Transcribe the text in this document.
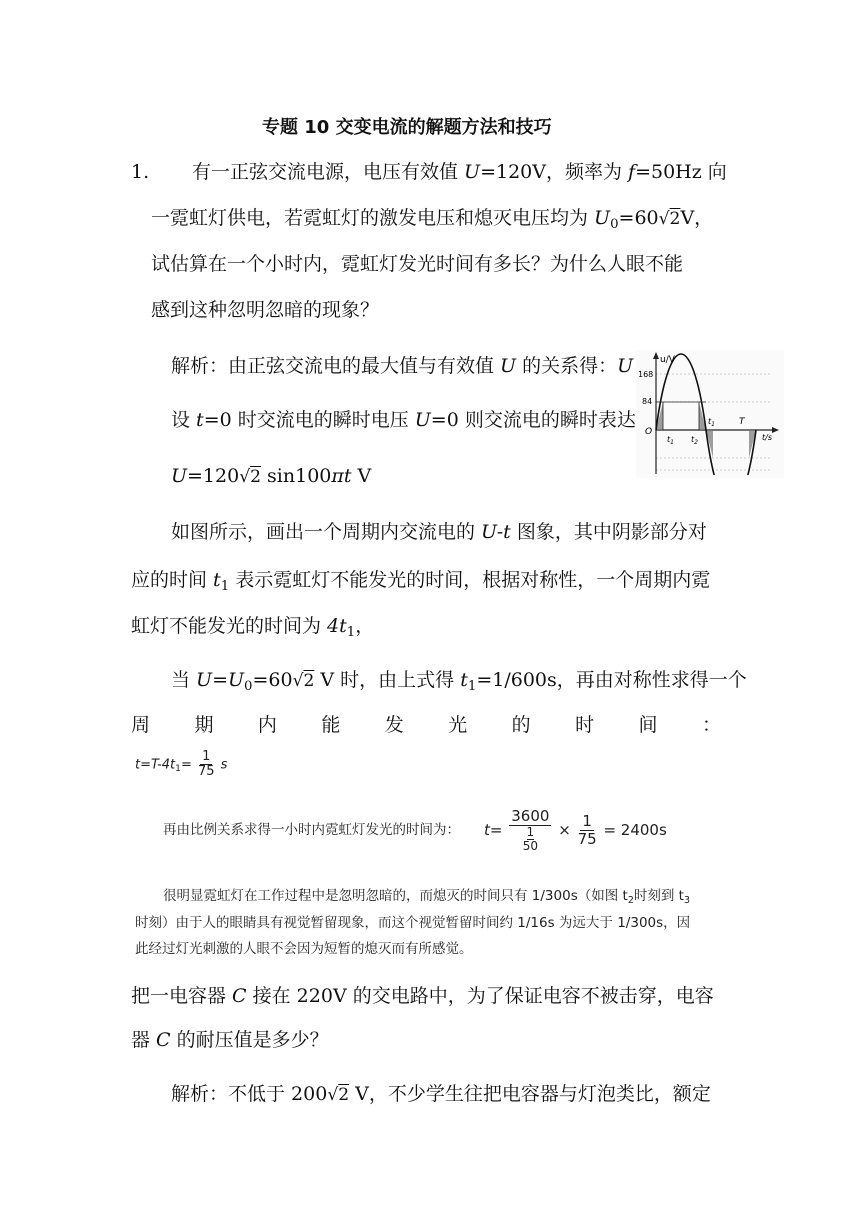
专题 10 交变电流的解题方法和技巧
1. 有一正弦交流电源，电压有效值 U=120V，频率为 f=50Hz 向
一霓虹灯供电，若霓虹灯的激发电压和熄灭电压均为 $U_0=60$ √ 2V，
试估算在一个小时内，霓虹灯发光时间有多长？为什么人眼不能
感到这种忽明忽暗的现象？
解析：由正弦交流电的最大值与有效值 U 的关系得：U
设 t=0 时交流电的瞬时电压 U=0 则交流电的瞬时表达
U=120 √ 2 sin100πt V
u/V
168
84
O
$t_1$ $t_2$
$t_1$	T
t/s
如图所示，画出一个周期内交流电的 U-t 图象，其中阴影部分对
应的时间 $t_1$ 表示霓虹灯不能发光的时间，根据对称性，一个周期内霓
虹灯不能发光的时间为 $4t_1$，
当 $U=U_0=60$ √ 2 V 时，由上式得 $t_1=1/600s$，再由对称性求得一个
周 期 内 能 发 光 的 时 间 ：
$t=T-4t_1= \frac{1}{75}$ s
再由比例关系求得一小时内霓虹灯发光的时间为： t= 3600
1
$50 \times \frac{1}{75} = 2400s$
很明显霓虹灯在工作过程中是忽明忽暗的，而熄灭的时间只有 1/300s（如图 $t_2$时刻到 $t_3$
时刻）由于人的眼睛具有视觉暂留现象，而这个视觉暂留时间约 1/16s 为远大于 1/300s，因
此经过灯光刺激的人眼不会因为短暂的熄灭而有所感觉。
把一电容器 C 接在 220V 的交电路中，为了保证电容不被击穿，电容
器 C 的耐压值是多少？
解析：不低于 200 √ 2 V，不少学生往把电容器与灯泡类比，额定
